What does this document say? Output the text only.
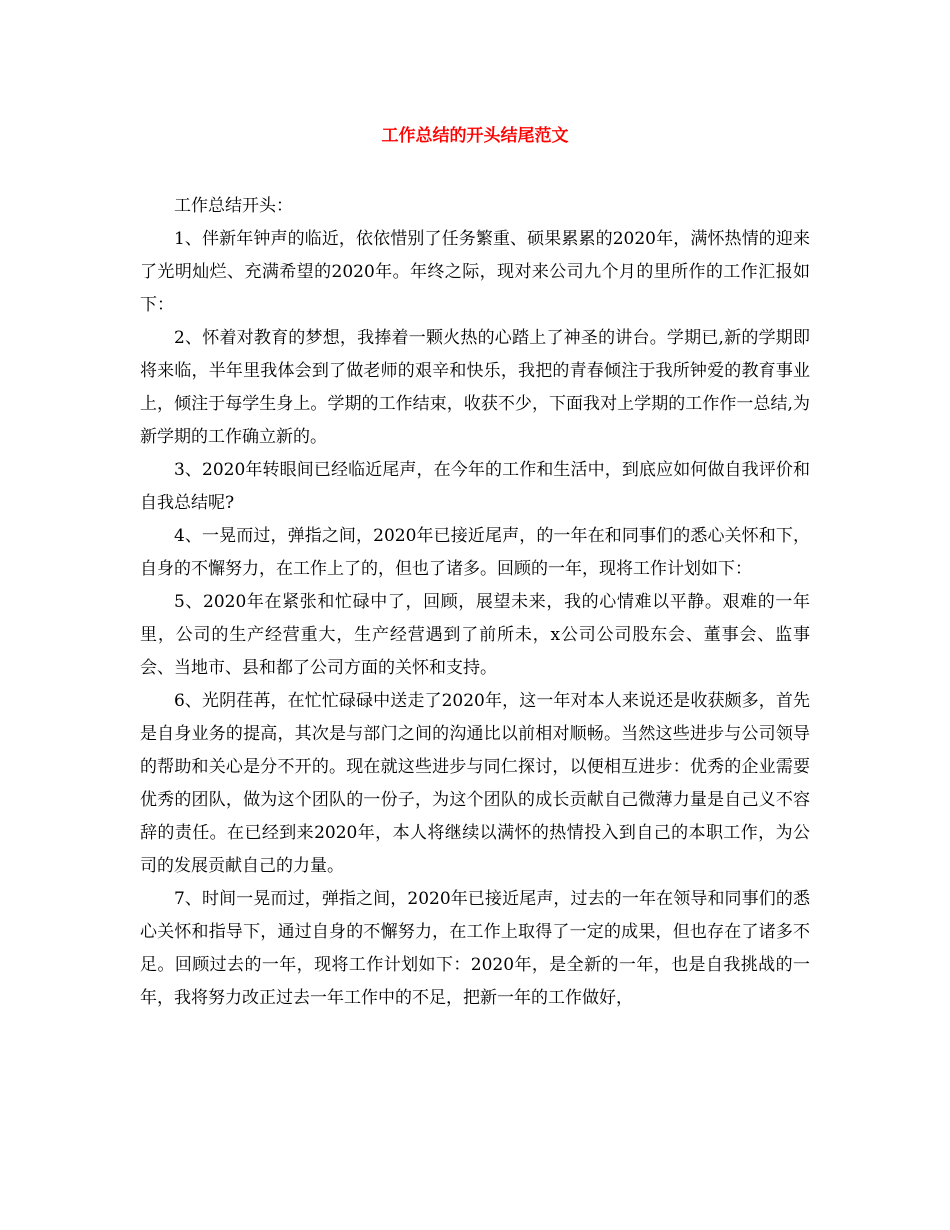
工作总结的开头结尾范文

工作总结开头：

1、伴新年钟声的临近，依依惜别了任务繁重、硕果累累的2020年，满怀热情的迎来了光明灿烂、充满希望的2020年。年终之际，现对来公司九个月的里所作的工作汇报如下：

2、怀着对教育的梦想，我捧着一颗火热的心踏上了神圣的讲台。学期已,新的学期即将来临，半年里我体会到了做老师的艰辛和快乐，我把的青春倾注于我所钟爱的教育事业上，倾注于每学生身上。学期的工作结束，收获不少，下面我对上学期的工作作一总结,为新学期的工作确立新的。

3、2020年转眼间已经临近尾声，在今年的工作和生活中，到底应如何做自我评价和自我总结呢?

4、一晃而过，弹指之间，2020年已接近尾声，的一年在和同事们的悉心关怀和下，自身的不懈努力，在工作上了的，但也了诸多。回顾的一年，现将工作计划如下：

5、2020年在紧张和忙碌中了，回顾，展望未来，我的心情难以平静。艰难的一年里，公司的生产经营重大，生产经营遇到了前所未，x公司公司股东会、董事会、监事会、当地市、县和都了公司方面的关怀和支持。

6、光阴荏苒，在忙忙碌碌中送走了2020年，这一年对本人来说还是收获颇多，首先是自身业务的提高，其次是与部门之间的沟通比以前相对顺畅。当然这些进步与公司领导的帮助和关心是分不开的。现在就这些进步与同仁探讨，以便相互进步：优秀的企业需要优秀的团队，做为这个团队的一份子，为这个团队的成长贡献自己微薄力量是自己义不容辞的责任。在已经到来2020年，本人将继续以满怀的热情投入到自己的本职工作，为公司的发展贡献自己的力量。

7、时间一晃而过，弹指之间，2020年已接近尾声，过去的一年在领导和同事们的悉心关怀和指导下，通过自身的不懈努力，在工作上取得了一定的成果，但也存在了诸多不足。回顾过去的一年，现将工作计划如下：2020年，是全新的一年，也是自我挑战的一年，我将努力改正过去一年工作中的不足，把新一年的工作做好，
